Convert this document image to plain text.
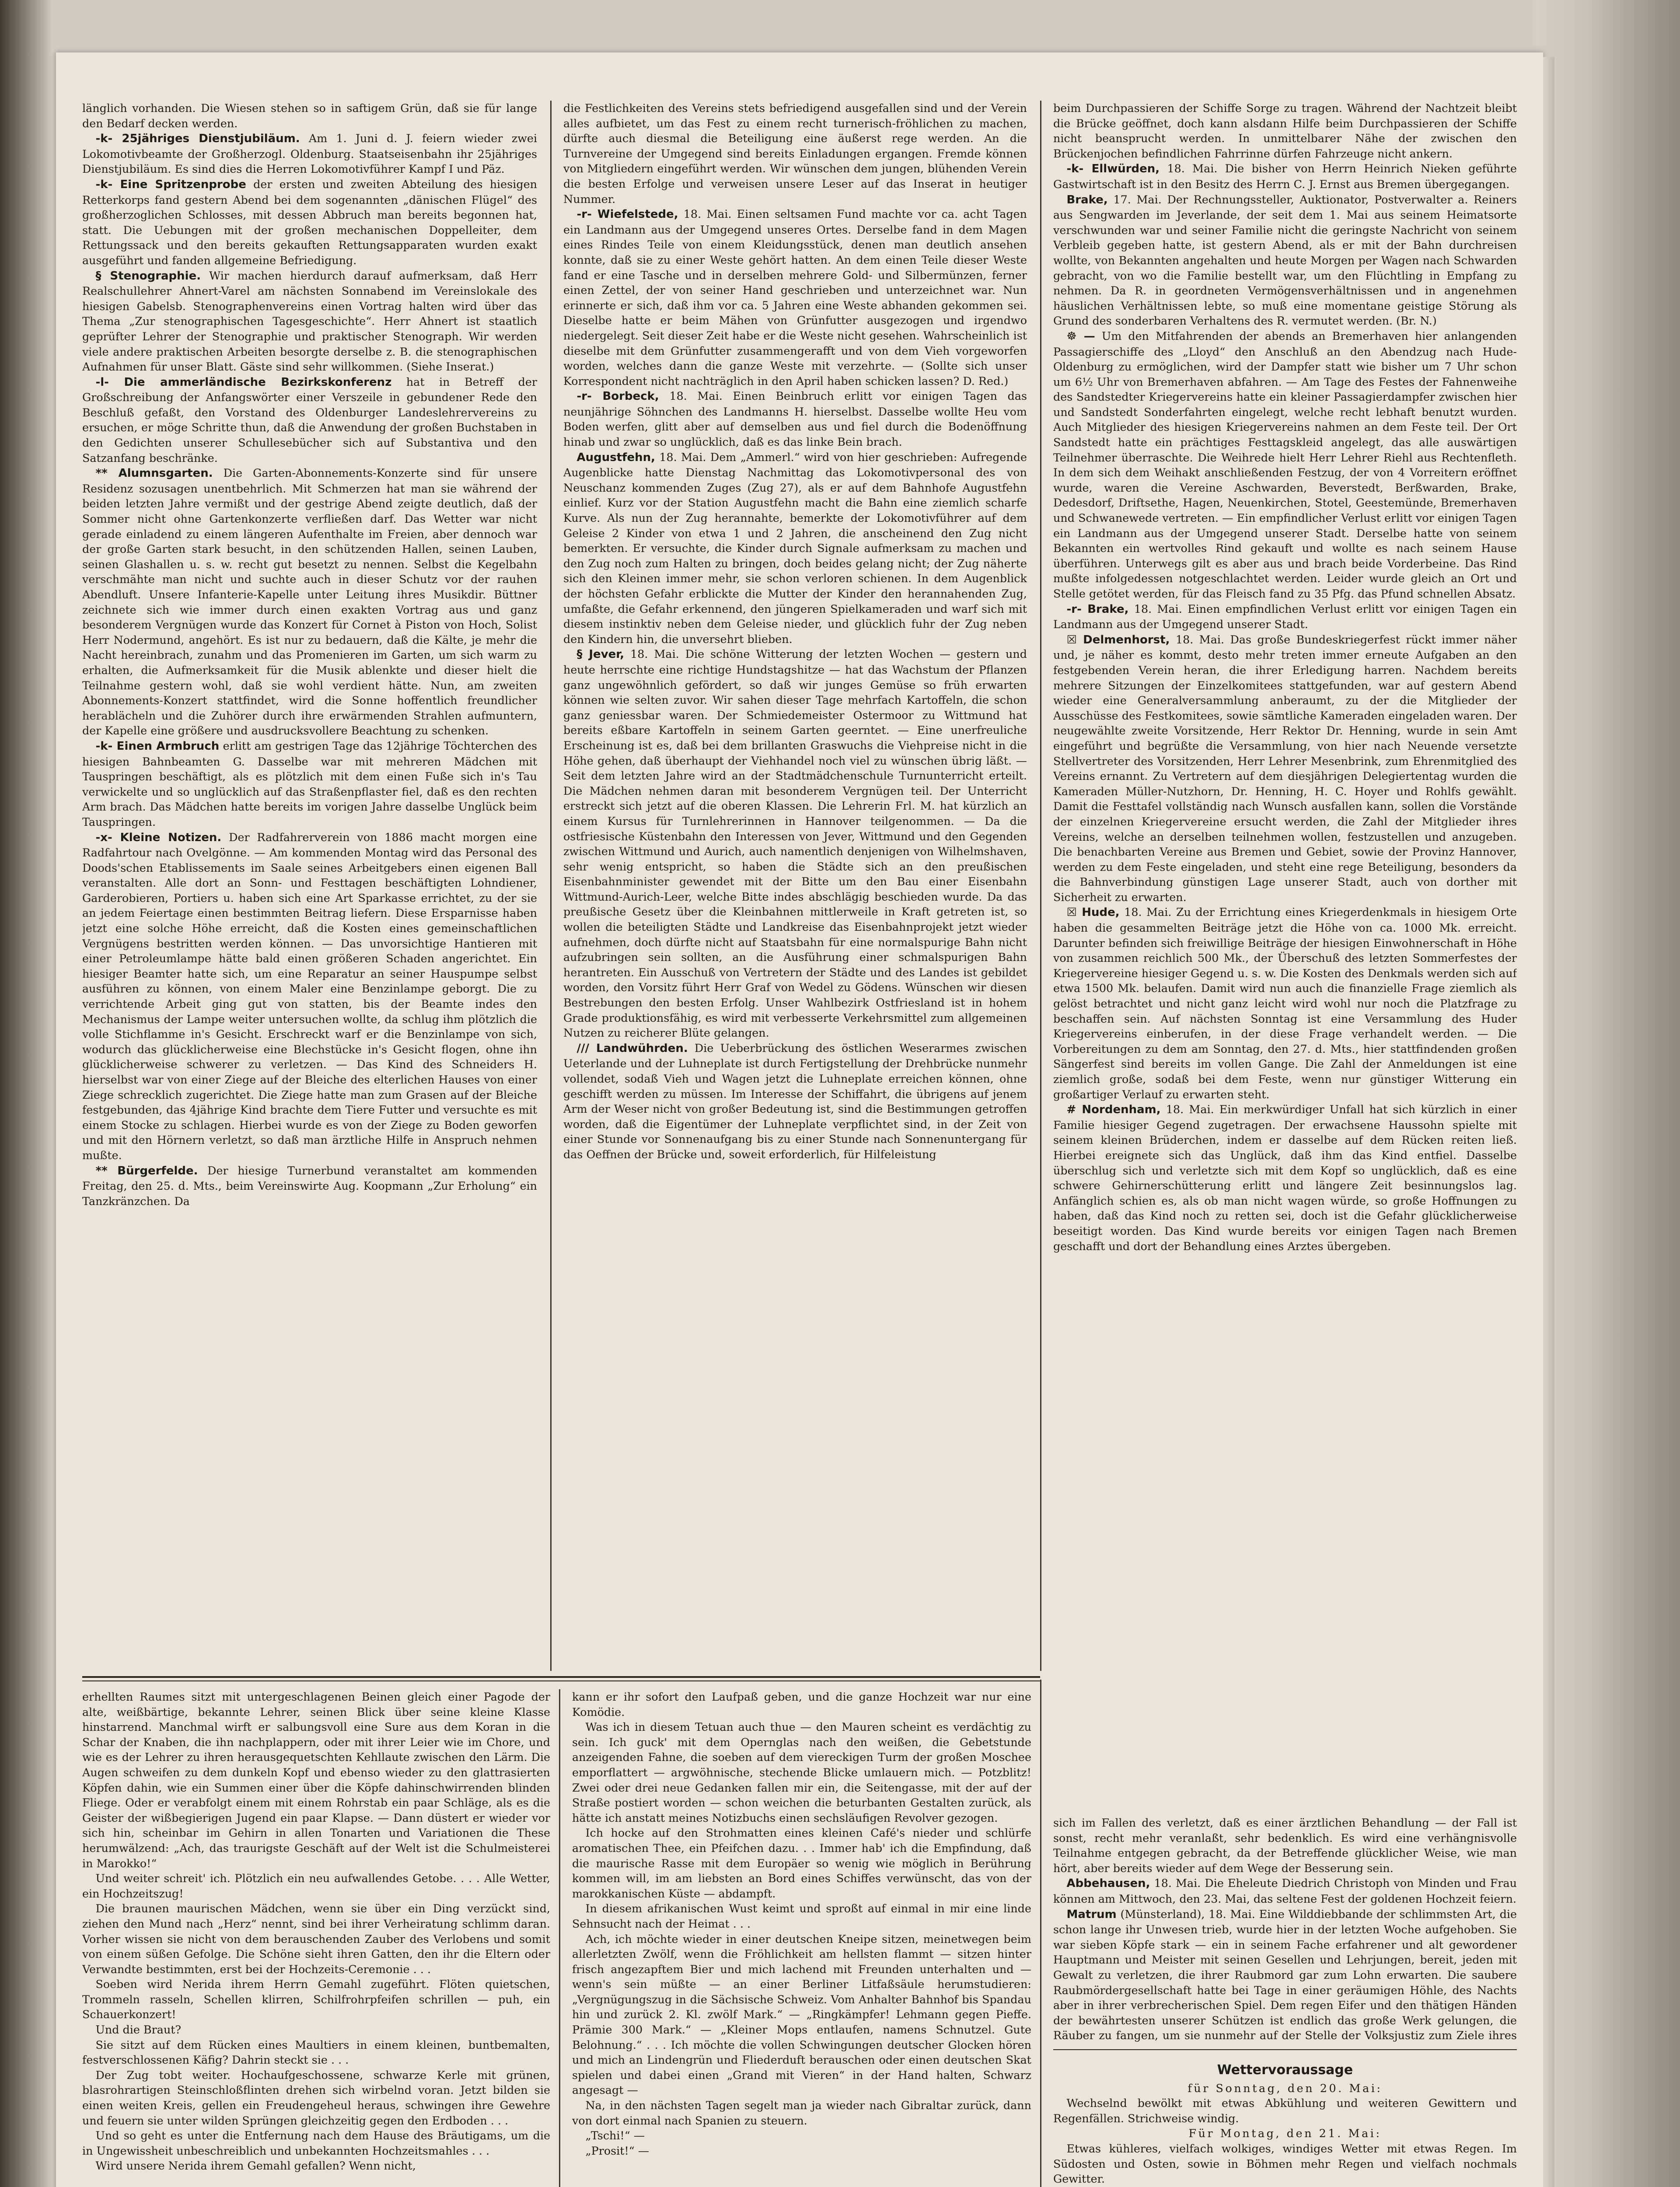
länglich vorhanden. Die Wiesen stehen so in saftigem Grün, daß sie für lange den Bedarf decken werden.

-k- 25jähriges Dienstjubiläum. Am 1. Juni d. J. feiern wieder zwei Lokomotivbeamte der Großherzogl. Oldenburg. Staatseisenbahn ihr 25jähriges Dienstjubiläum. Es sind dies die Herren Lokomotivführer Kampf I und Päz.

-k- Eine Spritzenprobe der ersten und zweiten Abteilung des hiesigen Retterkorps fand gestern Abend bei dem sogenannten „dänischen Flügel“ des großherzoglichen Schlosses, mit dessen Abbruch man bereits begonnen hat, statt. Die Uebungen mit der großen mechanischen Doppelleiter, dem Rettungssack und den bereits gekauften Rettungsapparaten wurden exakt ausgeführt und fanden allgemeine Befriedigung.

§ Stenographie. Wir machen hierdurch darauf aufmerksam, daß Herr Realschullehrer Ahnert-Varel am nächsten Sonnabend im Vereinslokale des hiesigen Gabelsb. Stenographenvereins einen Vortrag halten wird über das Thema „Zur stenographischen Tagesgeschichte“. Herr Ahnert ist staatlich geprüfter Lehrer der Stenographie und praktischer Stenograph. Wir werden viele andere praktischen Arbeiten besorgte derselbe z. B. die stenographischen Aufnahmen für unser Blatt. Gäste sind sehr willkommen. (Siehe Inserat.)

-l- Die ammerländische Bezirkskonferenz hat in Betreff der Großschreibung der Anfangswörter einer Verszeile in gebundener Rede den Beschluß gefaßt, den Vorstand des Oldenburger Landeslehrervereins zu ersuchen, er möge Schritte thun, daß die Anwendung der großen Buchstaben in den Gedichten unserer Schullesebücher sich auf Substantiva und den Satzanfang beschränke.

** Alumnsgarten. Die Garten-Abonnements-Konzerte sind für unsere Residenz sozusagen unentbehrlich. Mit Schmerzen hat man sie während der beiden letzten Jahre vermißt und der gestrige Abend zeigte deutlich, daß der Sommer nicht ohne Gartenkonzerte verfließen darf. Das Wetter war nicht gerade einladend zu einem längeren Aufenthalte im Freien, aber dennoch war der große Garten stark besucht, in den schützenden Hallen, seinen Lauben, seinen Glashallen u. s. w. recht gut besetzt zu nennen. Selbst die Kegelbahn verschmähte man nicht und suchte auch in dieser Schutz vor der rauhen Abendluft. Unsere Infanterie-Kapelle unter Leitung ihres Musikdir. Büttner zeichnete sich wie immer durch einen exakten Vortrag aus und ganz besonderem Vergnügen wurde das Konzert für Cornet à Piston von Hoch, Solist Herr Nodermund, angehört. Es ist nur zu bedauern, daß die Kälte, je mehr die Nacht hereinbrach, zunahm und das Promenieren im Garten, um sich warm zu erhalten, die Aufmerksamkeit für die Musik ablenkte und dieser hielt die Teilnahme gestern wohl, daß sie wohl verdient hätte. Nun, am zweiten Abonnements-Konzert stattfindet, wird die Sonne hoffentlich freundlicher herablächeln und die Zuhörer durch ihre erwärmenden Strahlen aufmuntern, der Kapelle eine größere und ausdrucksvollere Beachtung zu schenken.

-k- Einen Armbruch erlitt am gestrigen Tage das 12jährige Töchterchen des hiesigen Bahnbeamten G. Dasselbe war mit mehreren Mädchen mit Tauspringen beschäftigt, als es plötzlich mit dem einen Fuße sich in's Tau verwickelte und so unglücklich auf das Straßenpflaster fiel, daß es den rechten Arm brach. Das Mädchen hatte bereits im vorigen Jahre dasselbe Unglück beim Tauspringen.

-x- Kleine Notizen. Der Radfahrerverein von 1886 macht morgen eine Radfahrtour nach Ovelgönne. — Am kommenden Montag wird das Personal des Doods'schen Etablissements im Saale seines Arbeitgebers einen eigenen Ball veranstalten. Alle dort an Sonn- und Festtagen beschäftigten Lohndiener, Garderobieren, Portiers u. haben sich eine Art Sparkasse errichtet, zu der sie an jedem Feiertage einen bestimmten Beitrag liefern. Diese Ersparnisse haben jetzt eine solche Höhe erreicht, daß die Kosten eines gemeinschaftlichen Vergnügens bestritten werden können. — Das unvorsichtige Hantieren mit einer Petroleumlampe hätte bald einen größeren Schaden angerichtet. Ein hiesiger Beamter hatte sich, um eine Reparatur an seiner Hauspumpe selbst ausführen zu können, von einem Maler eine Benzinlampe geborgt. Die zu verrichtende Arbeit ging gut von statten, bis der Beamte indes den Mechanismus der Lampe weiter untersuchen wollte, da schlug ihm plötzlich die volle Stichflamme in's Gesicht. Erschreckt warf er die Benzinlampe von sich, wodurch das glücklicherweise eine Blechstücke in's Gesicht flogen, ohne ihn glücklicherweise schwerer zu verletzen. — Das Kind des Schneiders H. hierselbst war von einer Ziege auf der Bleiche des elterlichen Hauses von einer Ziege schrecklich zugerichtet. Die Ziege hatte man zum Grasen auf der Bleiche festgebunden, das 4jährige Kind brachte dem Tiere Futter und versuchte es mit einem Stocke zu schlagen. Hierbei wurde es von der Ziege zu Boden geworfen und mit den Hörnern verletzt, so daß man ärztliche Hilfe in Anspruch nehmen mußte.

** Bürgerfelde. Der hiesige Turnerbund veranstaltet am kommenden Freitag, den 25. d. Mts., beim Vereinswirte Aug. Koopmann „Zur Erholung“ ein Tanzkränzchen. Da

die Festlichkeiten des Vereins stets befriedigend ausgefallen sind und der Verein alles aufbietet, um das Fest zu einem recht turnerisch-fröhlichen zu machen, dürfte auch diesmal die Beteiligung eine äußerst rege werden. An die Turnvereine der Umgegend sind bereits Einladungen ergangen. Fremde können von Mitgliedern eingeführt werden. Wir wünschen dem jungen, blühenden Verein die besten Erfolge und verweisen unsere Leser auf das Inserat in heutiger Nummer.

-r- Wiefelstede, 18. Mai. Einen seltsamen Fund machte vor ca. acht Tagen ein Landmann aus der Umgegend unseres Ortes. Derselbe fand in dem Magen eines Rindes Teile von einem Kleidungsstück, denen man deutlich ansehen konnte, daß sie zu einer Weste gehört hatten. An dem einen Teile dieser Weste fand er eine Tasche und in derselben mehrere Gold- und Silbermünzen, ferner einen Zettel, der von seiner Hand geschrieben und unterzeichnet war. Nun erinnerte er sich, daß ihm vor ca. 5 Jahren eine Weste abhanden gekommen sei. Dieselbe hatte er beim Mähen von Grünfutter ausgezogen und irgendwo niedergelegt. Seit dieser Zeit habe er die Weste nicht gesehen. Wahrscheinlich ist dieselbe mit dem Grünfutter zusammengerafft und von dem Vieh vorgeworfen worden, welches dann die ganze Weste mit verzehrte. — (Sollte sich unser Korrespondent nicht nachträglich in den April haben schicken lassen? D. Red.)

-r- Borbeck, 18. Mai. Einen Beinbruch erlitt vor einigen Tagen das neunjährige Söhnchen des Landmanns H. hierselbst. Dasselbe wollte Heu vom Boden werfen, glitt aber auf demselben aus und fiel durch die Bodenöffnung hinab und zwar so unglücklich, daß es das linke Bein brach.

Augustfehn, 18. Mai. Dem „Ammerl.“ wird von hier geschrieben: Aufregende Augenblicke hatte Dienstag Nachmittag das Lokomotivpersonal des von Neuschanz kommenden Zuges (Zug 27), als er auf dem Bahnhofe Augustfehn einlief. Kurz vor der Station Augustfehn macht die Bahn eine ziemlich scharfe Kurve. Als nun der Zug herannahte, bemerkte der Lokomotivführer auf dem Geleise 2 Kinder von etwa 1 und 2 Jahren, die anscheinend den Zug nicht bemerkten. Er versuchte, die Kinder durch Signale aufmerksam zu machen und den Zug noch zum Halten zu bringen, doch beides gelang nicht; der Zug näherte sich den Kleinen immer mehr, sie schon verloren schienen. In dem Augenblick der höchsten Gefahr erblickte die Mutter der Kinder den herannahenden Zug, umfaßte, die Gefahr erkennend, den jüngeren Spielkameraden und warf sich mit diesem instinktiv neben dem Geleise nieder, und glücklich fuhr der Zug neben den Kindern hin, die unversehrt blieben.

§ Jever, 18. Mai. Die schöne Witterung der letzten Wochen — gestern und heute herrschte eine richtige Hundstagshitze — hat das Wachstum der Pflanzen ganz ungewöhnlich gefördert, so daß wir junges Gemüse so früh erwarten können wie selten zuvor. Wir sahen dieser Tage mehrfach Kartoffeln, die schon ganz geniessbar waren. Der Schmiedemeister Ostermoor zu Wittmund hat bereits eßbare Kartoffeln in seinem Garten geerntet. — Eine unerfreuliche Erscheinung ist es, daß bei dem brillanten Graswuchs die Viehpreise nicht in die Höhe gehen, daß überhaupt der Viehhandel noch viel zu wünschen übrig läßt. — Seit dem letzten Jahre wird an der Stadtmädchenschule Turnunterricht erteilt. Die Mädchen nehmen daran mit besonderem Vergnügen teil. Der Unterricht erstreckt sich jetzt auf die oberen Klassen. Die Lehrerin Frl. M. hat kürzlich an einem Kursus für Turnlehrerinnen in Hannover teilgenommen. — Da die ostfriesische Küstenbahn den Interessen von Jever, Wittmund und den Gegenden zwischen Wittmund und Aurich, auch namentlich denjenigen von Wilhelmshaven, sehr wenig entspricht, so haben die Städte sich an den preußischen Eisenbahnminister gewendet mit der Bitte um den Bau einer Eisenbahn Wittmund-Aurich-Leer, welche Bitte indes abschlägig beschieden wurde. Da das preußische Gesetz über die Kleinbahnen mittlerweile in Kraft getreten ist, so wollen die beteiligten Städte und Landkreise das Eisenbahnprojekt jetzt wieder aufnehmen, doch dürfte nicht auf Staatsbahn für eine normalspurige Bahn nicht aufzubringen sein sollten, an die Ausführung einer schmalspurigen Bahn herantreten. Ein Ausschuß von Vertretern der Städte und des Landes ist gebildet worden, den Vorsitz führt Herr Graf von Wedel zu Gödens. Wünschen wir diesen Bestrebungen den besten Erfolg. Unser Wahlbezirk Ostfriesland ist in hohem Grade produktionsfähig, es wird mit verbesserte Verkehrsmittel zum allgemeinen Nutzen zu reicherer Blüte gelangen.

/// Landwührden. Die Ueberbrückung des östlichen Weserarmes zwischen Ueterlande und der Luhneplate ist durch Fertigstellung der Drehbrücke nunmehr vollendet, sodaß Vieh und Wagen jetzt die Luhneplate erreichen können, ohne geschifft werden zu müssen. Im Interesse der Schiffahrt, die übrigens auf jenem Arm der Weser nicht von großer Bedeutung ist, sind die Bestimmungen getroffen worden, daß die Eigentümer der Luhneplate verpflichtet sind, in der Zeit von einer Stunde vor Sonnenaufgang bis zu einer Stunde nach Sonnenuntergang für das Oeffnen der Brücke und, soweit erforderlich, für Hilfeleistung

beim Durchpassieren der Schiffe Sorge zu tragen. Während der Nachtzeit bleibt die Brücke geöffnet, doch kann alsdann Hilfe beim Durchpassieren der Schiffe nicht beansprucht werden. In unmittelbarer Nähe der zwischen den Brückenjochen befindlichen Fahrrinne dürfen Fahrzeuge nicht ankern.

-k- Ellwürden, 18. Mai. Die bisher von Herrn Heinrich Nieken geführte Gastwirtschaft ist in den Besitz des Herrn C. J. Ernst aus Bremen übergegangen.

Brake, 17. Mai. Der Rechnungssteller, Auktionator, Postverwalter a. Reiners aus Sengwarden im Jeverlande, der seit dem 1. Mai aus seinem Heimatsorte verschwunden war und seiner Familie nicht die geringste Nachricht von seinem Verbleib gegeben hatte, ist gestern Abend, als er mit der Bahn durchreisen wollte, von Bekannten angehalten und heute Morgen per Wagen nach Schwarden gebracht, von wo die Familie bestellt war, um den Flüchtling in Empfang zu nehmen. Da R. in geordneten Vermögensverhältnissen und in angenehmen häuslichen Verhältnissen lebte, so muß eine momentane geistige Störung als Grund des sonderbaren Verhaltens des R. vermutet werden. (Br. N.)

☸ — Um den Mitfahrenden der abends an Bremerhaven hier anlangenden Passagierschiffe des „Lloyd“ den Anschluß an den Abendzug nach Hude-Oldenburg zu ermöglichen, wird der Dampfer statt wie bisher um 7 Uhr schon um 6½ Uhr von Bremerhaven abfahren. — Am Tage des Festes der Fahnenweihe des Sandstedter Kriegervereins hatte ein kleiner Passagierdampfer zwischen hier und Sandstedt Sonderfahrten eingelegt, welche recht lebhaft benutzt wurden. Auch Mitglieder des hiesigen Kriegervereins nahmen an dem Feste teil. Der Ort Sandstedt hatte ein prächtiges Festtagskleid angelegt, das alle auswärtigen Teilnehmer überraschte. Die Weihrede hielt Herr Lehrer Riehl aus Rechtenfleth. In dem sich dem Weihakt anschließenden Festzug, der von 4 Vorreitern eröffnet wurde, waren die Vereine Aschwarden, Beverstedt, Berßwarden, Brake, Dedesdorf, Driftsethe, Hagen, Neuenkirchen, Stotel, Geestemünde, Bremerhaven und Schwanewede vertreten. — Ein empfindlicher Verlust erlitt vor einigen Tagen ein Landmann aus der Umgegend unserer Stadt. Derselbe hatte von seinem Bekannten ein wertvolles Rind gekauft und wollte es nach seinem Hause überführen. Unterwegs gilt es aber aus und brach beide Vorderbeine. Das Rind mußte infolgedessen notgeschlachtet werden. Leider wurde gleich an Ort und Stelle getötet werden, für das Fleisch fand zu 35 Pfg. das Pfund schnellen Absatz.

-r- Brake, 18. Mai. Einen empfindlichen Verlust erlitt vor einigen Tagen ein Landmann aus der Umgegend unserer Stadt.

☒ Delmenhorst, 18. Mai. Das große Bundeskriegerfest rückt immer näher und, je näher es kommt, desto mehr treten immer erneute Aufgaben an den festgebenden Verein heran, die ihrer Erledigung harren. Nachdem bereits mehrere Sitzungen der Einzelkomitees stattgefunden, war auf gestern Abend wieder eine Generalversammlung anberaumt, zu der die Mitglieder der Ausschüsse des Festkomitees, sowie sämtliche Kameraden eingeladen waren. Der neugewählte zweite Vorsitzende, Herr Rektor Dr. Henning, wurde in sein Amt eingeführt und begrüßte die Versammlung, von hier nach Neuende versetzte Stellvertreter des Vorsitzenden, Herr Lehrer Mesenbrink, zum Ehrenmitglied des Vereins ernannt. Zu Vertretern auf dem diesjährigen Delegiertentag wurden die Kameraden Müller-Nutzhorn, Dr. Henning, H. C. Hoyer und Rohlfs gewählt. Damit die Festtafel vollständig nach Wunsch ausfallen kann, sollen die Vorstände der einzelnen Kriegervereine ersucht werden, die Zahl der Mitglieder ihres Vereins, welche an derselben teilnehmen wollen, festzustellen und anzugeben. Die benachbarten Vereine aus Bremen und Gebiet, sowie der Provinz Hannover, werden zu dem Feste eingeladen, und steht eine rege Beteiligung, besonders da die Bahnverbindung günstigen Lage unserer Stadt, auch von dorther mit Sicherheit zu erwarten.

☒ Hude, 18. Mai. Zu der Errichtung eines Kriegerdenkmals in hiesigem Orte haben die gesammelten Beiträge jetzt die Höhe von ca. 1000 Mk. erreicht. Darunter befinden sich freiwillige Beiträge der hiesigen Einwohnerschaft in Höhe von zusammen reichlich 500 Mk., der Überschuß des letzten Sommerfestes der Kriegervereine hiesiger Gegend u. s. w. Die Kosten des Denkmals werden sich auf etwa 1500 Mk. belaufen. Damit wird nun auch die finanzielle Frage ziemlich als gelöst betrachtet und nicht ganz leicht wird wohl nur noch die Platzfrage zu beschaffen sein. Auf nächsten Sonntag ist eine Versammlung des Huder Kriegervereins einberufen, in der diese Frage verhandelt werden. — Die Vorbereitungen zu dem am Sonntag, den 27. d. Mts., hier stattfindenden großen Sängerfest sind bereits im vollen Gange. Die Zahl der Anmeldungen ist eine ziemlich große, sodaß bei dem Feste, wenn nur günstiger Witterung ein großartiger Verlauf zu erwarten steht.

# Nordenham, 18. Mai. Ein merkwürdiger Unfall hat sich kürzlich in einer Familie hiesiger Gegend zugetragen. Der erwachsene Haussohn spielte mit seinem kleinen Brüderchen, indem er dasselbe auf dem Rücken reiten ließ. Hierbei ereignete sich das Unglück, daß ihm das Kind entfiel. Dasselbe überschlug sich und verletzte sich mit dem Kopf so unglücklich, daß es eine schwere Gehirnerschütterung erlitt und längere Zeit besinnungslos lag. Anfänglich schien es, als ob man nicht wagen würde, so große Hoffnungen zu haben, daß das Kind noch zu retten sei, doch ist die Gefahr glücklicherweise beseitigt worden. Das Kind wurde bereits vor einigen Tagen nach Bremen geschafft und dort der Behandlung eines Arztes übergeben.

erhellten Raumes sitzt mit untergeschlagenen Beinen gleich einer Pagode der alte, weißbärtige, bekannte Lehrer, seinen Blick über seine kleine Klasse hinstarrend. Manchmal wirft er salbungsvoll eine Sure aus dem Koran in die Schar der Knaben, die ihn nachplappern, oder mit ihrer Leier wie im Chore, und wie es der Lehrer zu ihren herausgequetschten Kehllaute zwischen den Lärm. Die Augen schweifen zu dem dunkeln Kopf und ebenso wieder zu den glattrasierten Köpfen dahin, wie ein Summen einer über die Köpfe dahinschwirrenden blinden Fliege. Oder er verabfolgt einem mit einem Rohrstab ein paar Schläge, als es die Geister der wißbegierigen Jugend ein paar Klapse. — Dann düstert er wieder vor sich hin, scheinbar im Gehirn in allen Tonarten und Variationen die These herumwälzend: „Ach, das traurigste Geschäft auf der Welt ist die Schulmeisterei in Marokko!“

Und weiter schreit' ich. Plötzlich ein neu aufwallendes Getobe. . . . Alle Wetter, ein Hochzeitszug!

Die braunen maurischen Mädchen, wenn sie über ein Ding verzückt sind, ziehen den Mund nach „Herz“ nennt, sind bei ihrer Verheiratung schlimm daran. Vorher wissen sie nicht von dem berauschenden Zauber des Verlobens und somit von einem süßen Gefolge. Die Schöne sieht ihren Gatten, den ihr die Eltern oder Verwandte bestimmten, erst bei der Hochzeits-Ceremonie . . .

Soeben wird Nerida ihrem Herrn Gemahl zugeführt. Flöten quietschen, Trommeln rasseln, Schellen klirren, Schilfrohrpfeifen schrillen — puh, ein Schauerkonzert!

Und die Braut?

Sie sitzt auf dem Rücken eines Maultiers in einem kleinen, buntbemalten, festverschlossenen Käfig? Dahrin steckt sie . . .

Der Zug tobt weiter. Hochaufgeschossene, schwarze Kerle mit grünen, blasrohrartigen Steinschloßflinten drehen sich wirbelnd voran. Jetzt bilden sie einen weiten Kreis, gellen ein Freudengeheul heraus, schwingen ihre Gewehre und feuern sie unter wilden Sprüngen gleichzeitig gegen den Erdboden . . .

Und so geht es unter die Entfernung nach dem Hause des Bräutigams, um die in Ungewissheit unbeschreiblich und unbekannten Hochzeitsmahles . . .

Wird unsere Nerida ihrem Gemahl gefallen? Wenn nicht,

kann er ihr sofort den Laufpaß geben, und die ganze Hochzeit war nur eine Komödie.

Was ich in diesem Tetuan auch thue — den Mauren scheint es verdächtig zu sein. Ich guck' mit dem Opernglas nach den weißen, die Gebetstunde anzeigenden Fahne, die soeben auf dem viereckigen Turm der großen Moschee emporflattert — argwöhnische, stechende Blicke umlauern mich. — Potzblitz! Zwei oder drei neue Gedanken fallen mir ein, die Seitengasse, mit der auf der Straße postiert worden — schon weichen die beturbanten Gestalten zurück, als hätte ich anstatt meines Notizbuchs einen sechsläufigen Revolver gezogen.

Ich hocke auf den Strohmatten eines kleinen Café's nieder und schlürfe aromatischen Thee, ein Pfeifchen dazu. . . Immer hab' ich die Empfindung, daß die maurische Rasse mit dem Europäer so wenig wie möglich in Berührung kommen will, im am liebsten an Bord eines Schiffes verwünscht, das von der marokkanischen Küste — abdampft.

In diesem afrikanischen Wust keimt und sproßt auf einmal in mir eine linde Sehnsucht nach der Heimat . . .

Ach, ich möchte wieder in einer deutschen Kneipe sitzen, meinetwegen beim allerletzten Zwölf, wenn die Fröhlichkeit am hellsten flammt — sitzen hinter frisch angezapftem Bier und mich lachend mit Freunden unterhalten und — wenn's sein müßte — an einer Berliner Litfaßsäule herumstudieren: „Vergnügungszug in die Sächsische Schweiz. Vom Anhalter Bahnhof bis Spandau hin und zurück 2. Kl. zwölf Mark.“ — „Ringkämpfer! Lehmann gegen Pieffe. Prämie 300 Mark.“ — „Kleiner Mops entlaufen, namens Schnutzel. Gute Belohnung.“ . . . Ich möchte die vollen Schwingungen deutscher Glocken hören und mich an Lindengrün und Fliederduft berauschen oder einen deutschen Skat spielen und dabei einen „Grand mit Vieren“ in der Hand halten, Schwarz angesagt —

Na, in den nächsten Tagen segelt man ja wieder nach Gibraltar zurück, dann von dort einmal nach Spanien zu steuern.

„Tschi!“ —

„Prosit!“ —

sich im Fallen des verletzt, daß es einer ärztlichen Behandlung — der Fall ist sonst, recht mehr veranlaßt, sehr bedenklich. Es wird eine verhängnisvolle Teilnahme entgegen gebracht, da der Betreffende glücklicher Weise, wie man hört, aber bereits wieder auf dem Wege der Besserung sein.

Abbehausen, 18. Mai. Die Eheleute Diedrich Christoph von Minden und Frau können am Mittwoch, den 23. Mai, das seltene Fest der goldenen Hochzeit feiern.

Matrum (Münsterland), 18. Mai. Eine Wilddiebbande der schlimmsten Art, die schon lange ihr Unwesen trieb, wurde hier in der letzten Woche aufgehoben. Sie war sieben Köpfe stark — ein in seinem Fache erfahrener und alt gewordener Hauptmann und Meister mit seinen Gesellen und Lehrjungen, bereit, jeden mit Gewalt zu verletzen, die ihrer Raubmord gar zum Lohn erwarten. Die saubere Raubmördergesellschaft hatte bei Tage in einer geräumigen Höhle, des Nachts aber in ihrer verbrecherischen Spiel. Dem regen Eifer und den thätigen Händen der bewährtesten unserer Schützen ist endlich das große Werk gelungen, die Räuber zu fangen, um sie nunmehr auf der Stelle der Volksjustiz zum Ziele ihres

Wettervoraussage

für Sonntag, den 20. Mai:

Wechselnd bewölkt mit etwas Abkühlung und weiteren Gewittern und Regenfällen. Strichweise windig.

Für Montag, den 21. Mai:

Etwas kühleres, vielfach wolkiges, windiges Wetter mit etwas Regen. Im Südosten und Osten, sowie in Böhmen mehr Regen und vielfach nochmals Gewitter.
